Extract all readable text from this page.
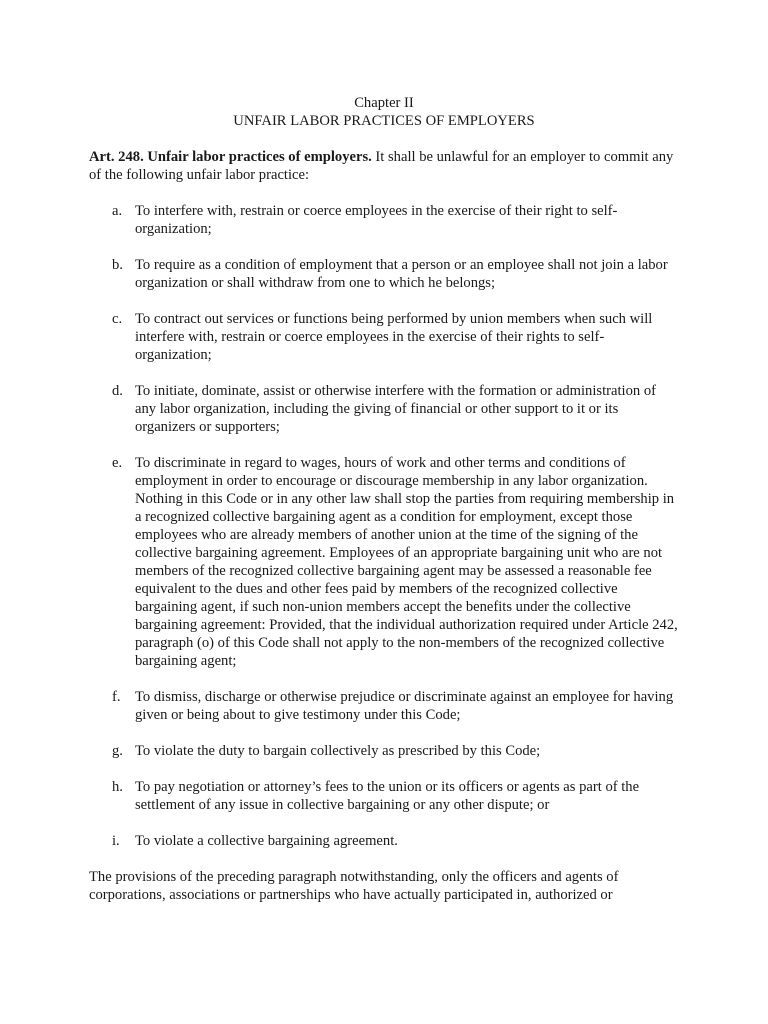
Chapter II
UNFAIR LABOR PRACTICES OF EMPLOYERS

Art. 248. Unfair labor practices of employers. It shall be unlawful for an employer to commit any of the following unfair labor practice:

a. To interfere with, restrain or coerce employees in the exercise of their right to self-organization;
b. To require as a condition of employment that a person or an employee shall not join a labor organization or shall withdraw from one to which he belongs;
c. To contract out services or functions being performed by union members when such will interfere with, restrain or coerce employees in the exercise of their rights to self-organization;
d. To initiate, dominate, assist or otherwise interfere with the formation or administration of any labor organization, including the giving of financial or other support to it or its organizers or supporters;
e. To discriminate in regard to wages, hours of work and other terms and conditions of employment in order to encourage or discourage membership in any labor organization. Nothing in this Code or in any other law shall stop the parties from requiring membership in a recognized collective bargaining agent as a condition for employment, except those employees who are already members of another union at the time of the signing of the collective bargaining agreement. Employees of an appropriate bargaining unit who are not members of the recognized collective bargaining agent may be assessed a reasonable fee equivalent to the dues and other fees paid by members of the recognized collective bargaining agent, if such non-union members accept the benefits under the collective bargaining agreement: Provided, that the individual authorization required under Article 242, paragraph (o) of this Code shall not apply to the non-members of the recognized collective bargaining agent;
f. To dismiss, discharge or otherwise prejudice or discriminate against an employee for having given or being about to give testimony under this Code;
g. To violate the duty to bargain collectively as prescribed by this Code;
h. To pay negotiation or attorney’s fees to the union or its officers or agents as part of the settlement of any issue in collective bargaining or any other dispute; or
i. To violate a collective bargaining agreement.

The provisions of the preceding paragraph notwithstanding, only the officers and agents of corporations, associations or partnerships who have actually participated in, authorized or
